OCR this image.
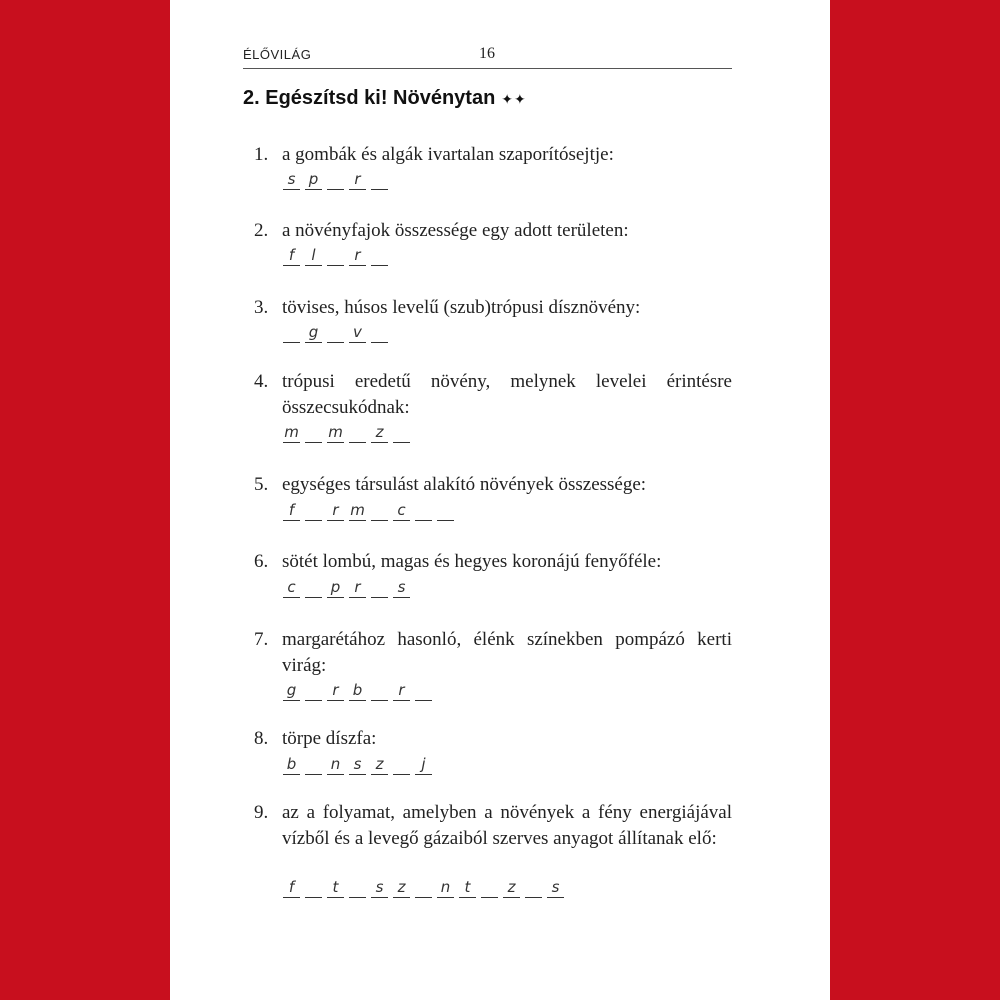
ÉLŐVILÁG	16
2. Egészítsd ki! Növénytan ✦✦
1. a gombák és algák ivartalan szaporítósejtje:
s p	r
2. a növényfajok összessége egy adott területen:
f	l	r
3. tövises, húsos levelű (szub)trópusi dísznövény:
g v
4. trópusi eredetű növény, melynek levelei érintésre összecsukódnak:
m m	z
5. egységes társulást alakító növények összessége:
f	r m c
6. sötét lombú, magas és hegyes koronájú fenyőféle:
c p r	s
7. margarétához hasonló, élénk színekben pompázó kerti virág:
g	r b	r
8. törpe díszfa:
b n s z	j
9. az a folyamat, amelyben a növények a fény energiájával vízből és a levegő gázaiból szerves anyagot állítanak elő:
f	t	s z	n t	z	s
